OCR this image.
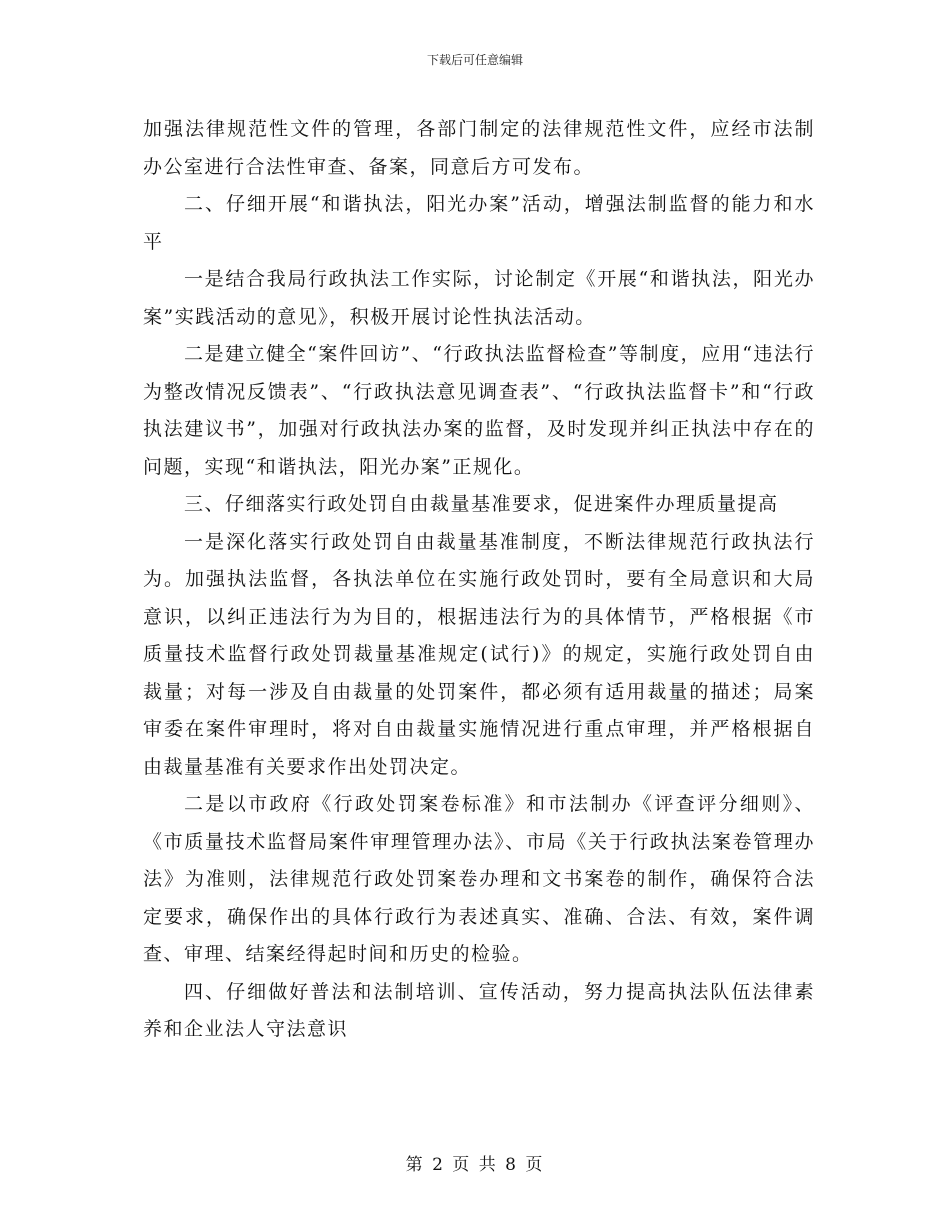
下载后可任意编辑

加强法律规范性文件的管理，各部门制定的法律规范性文件，应经市法制办公室进行合法性审查、备案，同意后方可发布。

二、仔细开展“和谐执法，阳光办案”活动，增强法制监督的能力和水平

一是结合我局行政执法工作实际，讨论制定《开展“和谐执法，阳光办案”实践活动的意见》，积极开展讨论性执法活动。

二是建立健全“案件回访”、“行政执法监督检查”等制度，应用“违法行为整改情况反馈表”、“行政执法意见调查表”、“行政执法监督卡”和“行政执法建议书”，加强对行政执法办案的监督，及时发现并纠正执法中存在的问题，实现“和谐执法，阳光办案”正规化。

三、仔细落实行政处罚自由裁量基准要求，促进案件办理质量提高

一是深化落实行政处罚自由裁量基准制度，不断法律规范行政执法行为。加强执法监督，各执法单位在实施行政处罚时，要有全局意识和大局意识，以纠正违法行为为目的，根据违法行为的具体情节，严格根据《市质量技术监督行政处罚裁量基准规定(试行)》的规定，实施行政处罚自由裁量；对每一涉及自由裁量的处罚案件，都必须有适用裁量的描述；局案审委在案件审理时，将对自由裁量实施情况进行重点审理，并严格根据自由裁量基准有关要求作出处罚决定。

二是以市政府《行政处罚案卷标准》和市法制办《评查评分细则》、《市质量技术监督局案件审理管理办法》、市局《关于行政执法案卷管理办法》为准则，法律规范行政处罚案卷办理和文书案卷的制作，确保符合法定要求，确保作出的具体行政行为表述真实、准确、合法、有效，案件调查、审理、结案经得起时间和历史的检验。

四、仔细做好普法和法制培训、宣传活动，努力提高执法队伍法律素养和企业法人守法意识

第 2 页 共 8 页
